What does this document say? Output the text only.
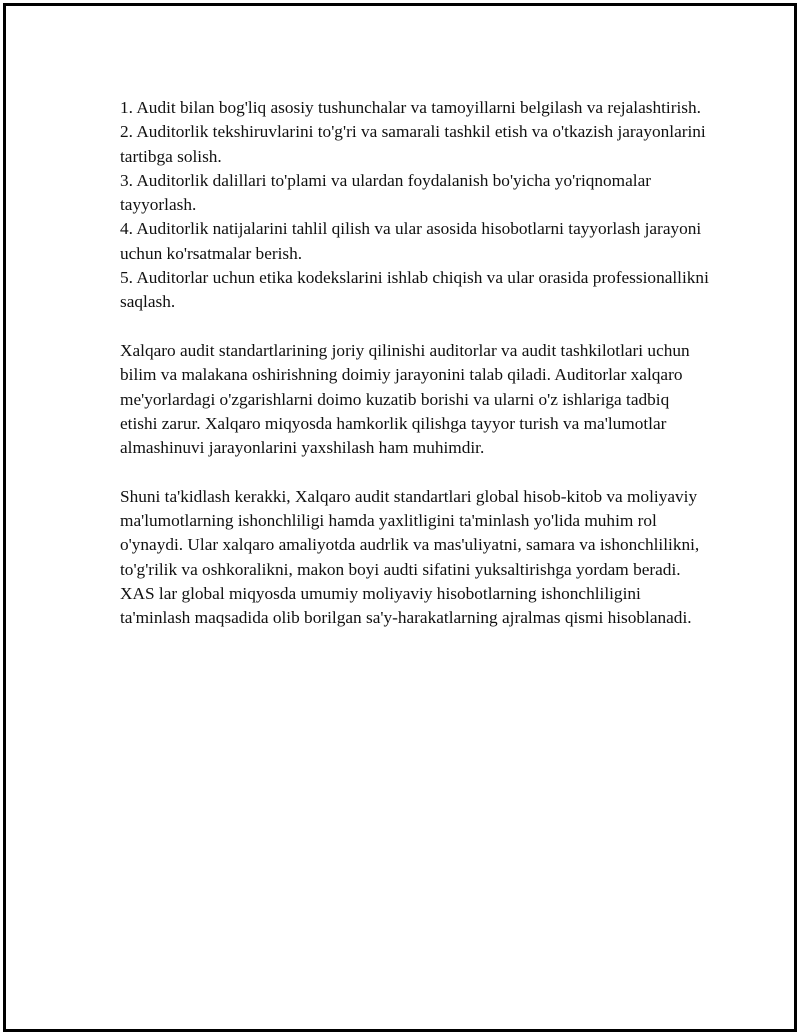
1. Audit bilan bog'liq asosiy tushunchalar va tamoyillarni belgilash va rejalashtirish.
2. Auditorlik tekshiruvlarini to'g'ri va samarali tashkil etish va o'tkazish jarayonlarini tartibga solish.
3. Auditorlik dalillari to'plami va ulardan foydalanish bo'yicha yo'riqnomalar tayyorlash.
4. Auditorlik natijalarini tahlil qilish va ular asosida hisobotlarni tayyorlash jarayoni uchun ko'rsatmalar berish.
5. Auditorlar uchun etika kodekslarini ishlab chiqish va ular orasida professionallikni saqlash.

Xalqaro audit standartlarining joriy qilinishi auditorlar va audit tashkilotlari uchun bilim va malakana oshirishning doimiy jarayonini talab qiladi. Auditorlar xalqaro me'yorlardagi o'zgarishlarni doimo kuzatib borishi va ularni o'z ishlariga tadbiq etishi zarur. Xalqaro miqyosda hamkorlik qilishga tayyor turish va ma'lumotlar almashinuvi jarayonlarini yaxshilash ham muhimdir.

Shuni ta'kidlash kerakki, Xalqaro audit standartlari global hisob-kitob va moliyaviy ma'lumotlarning ishonchliligi hamda yaxlitligini ta'minlash yo'lida muhim rol o'ynaydi. Ular xalqaro amaliyotda audrlik va mas'uliyatni, samara va ishonchlilikni, to'g'rilik va oshkoralikni, makon boyi audti sifatini yuksaltirishga yordam beradi. XAS lar global miqyosda umumiy moliyaviy hisobotlarning ishonchliligini ta'minlash maqsadida olib borilgan sa'y-harakatlarning ajralmas qismi hisoblanadi.
